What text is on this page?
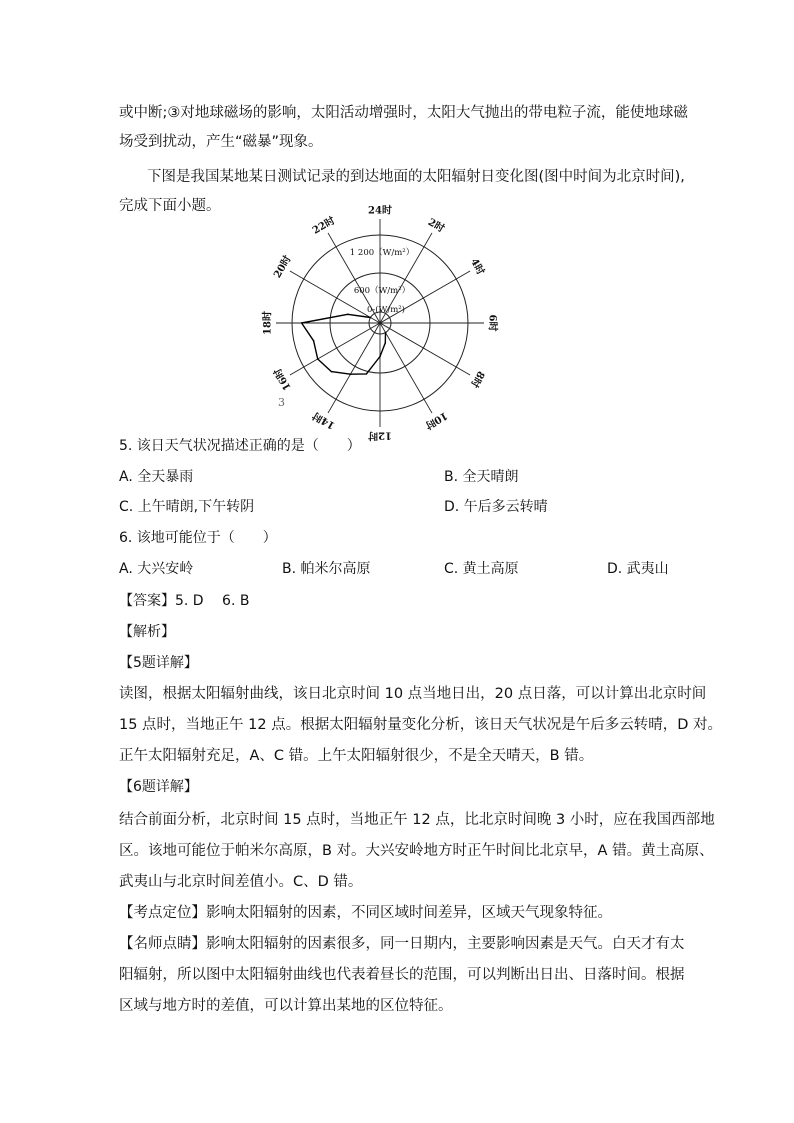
或中断;③对地球磁场的影响，太阳活动增强时，太阳大气抛出的带电粒子流，能使地球磁
场受到扰动，产生“磁暴”现象。
下图是我国某地某日测试记录的到达地面的太阳辐射日变化图(图中时间为北京时间),
完成下面小题。	24时
2时
4时
6时
8时
10时
12时
14时
16时
18时
20时
22时
1 200（W/m²）
600（W/m²）
0-(W/m²)
3
5. 该日天气状况描述正确的是（　　）
A. 全天暴雨	B. 全天晴朗
C. 上午晴朗,下午转阴	D. 午后多云转晴
6. 该地可能位于（　　）
A. 大兴安岭	B. 帕米尔高原	C. 黄土高原	D. 武夷山
【答案】5. D　 6. B
【解析】
【5题详解】
读图，根据太阳辐射曲线，该日北京时间 10 点当地日出，20 点日落，可以计算出北京时间
15 点时，当地正午 12 点。根据太阳辐射量变化分析，该日天气状况是午后多云转晴，D 对。
正午太阳辐射充足，A、C 错。上午太阳辐射很少，不是全天晴天，B 错。
【6题详解】
结合前面分析，北京时间 15 点时，当地正午 12 点，比北京时间晚 3 小时，应在我国西部地
区。该地可能位于帕米尔高原，B 对。大兴安岭地方时正午时间比北京早，A 错。黄土高原、
武夷山与北京时间差值小。C、D 错。
【考点定位】影响太阳辐射的因素，不同区域时间差异，区域天气现象特征。
【名师点睛】影响太阳辐射的因素很多，同一日期内，主要影响因素是天气。白天才有太
阳辐射，所以图中太阳辐射曲线也代表着昼长的范围，可以判断出日出、日落时间。根据
区域与地方时的差值，可以计算出某地的区位特征。
